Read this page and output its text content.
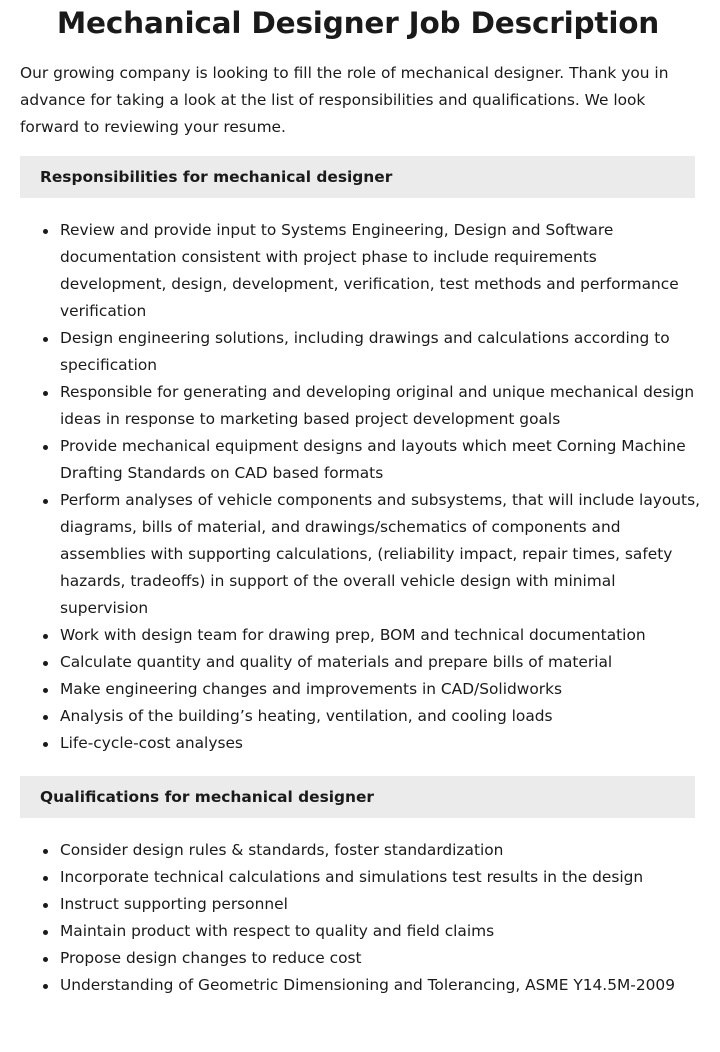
Mechanical Designer Job Description

Our growing company is looking to fill the role of mechanical designer. Thank you in advance for taking a look at the list of responsibilities and qualifications. We look forward to reviewing your resume.

Responsibilities for mechanical designer
Review and provide input to Systems Engineering, Design and Software documentation consistent with project phase to include requirements development, design, development, verification, test methods and performance verification
Design engineering solutions, including drawings and calculations according to specification
Responsible for generating and developing original and unique mechanical design ideas in response to marketing based project development goals
Provide mechanical equipment designs and layouts which meet Corning Machine Drafting Standards on CAD based formats
Perform analyses of vehicle components and subsystems, that will include layouts, diagrams, bills of material, and drawings/schematics of components and assemblies with supporting calculations, (reliability impact, repair times, safety hazards, tradeoffs) in support of the overall vehicle design with minimal supervision
Work with design team for drawing prep, BOM and technical documentation
Calculate quantity and quality of materials and prepare bills of material
Make engineering changes and improvements in CAD/Solidworks
Analysis of the building’s heating, ventilation, and cooling loads
Life-cycle-cost analyses
Qualifications for mechanical designer
Consider design rules & standards, foster standardization
Incorporate technical calculations and simulations test results in the design
Instruct supporting personnel
Maintain product with respect to quality and field claims
Propose design changes to reduce cost
Understanding of Geometric Dimensioning and Tolerancing, ASME Y14.5M-2009
